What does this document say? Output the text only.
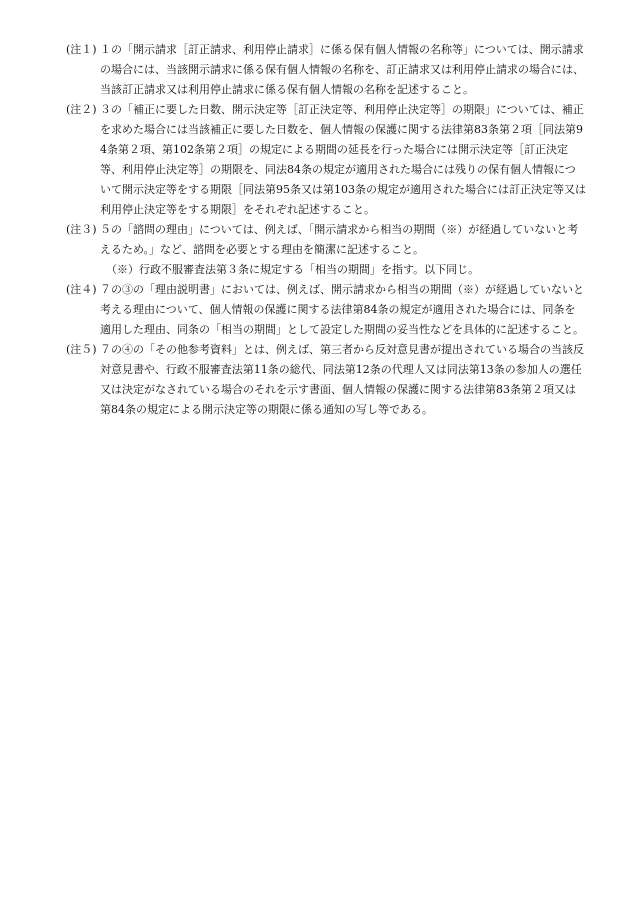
(注１) １の「開示請求［訂正請求、利用停止請求］に係る保有個人情報の名称等」については、開示請求の場合には、当該開示請求に係る保有個人情報の名称を、訂正請求又は利用停止請求の場合には、当該訂正請求又は利用停止請求に係る保有個人情報の名称を記述すること。
(注２) ３の「補正に要した日数、開示決定等［訂正決定等、利用停止決定等］の期限」については、補正を求めた場合には当該補正に要した日数を、個人情報の保護に関する法律第83条第２項［同法第94条第２項、第102条第２項］の規定による期間の延長を行った場合には開示決定等［訂正決定等、利用停止決定等］の期限を、同法84条の規定が適用された場合には残りの保有個人情報について開示決定等をする期限［同法第95条又は第103条の規定が適用された場合には訂正決定等又は利用停止決定等をする期限］をそれぞれ記述すること。
(注３) ５の「諮問の理由」については、例えば、「開示請求から相当の期間（※）が経過していないと考えるため。」など、諮問を必要とする理由を簡潔に記述すること。
（※）行政不服審査法第３条に規定する「相当の期間」を指す。以下同じ。
(注４) ７の③の「理由説明書」においては、例えば、開示請求から相当の期間（※）が経過していないと考える理由について、個人情報の保護に関する法律第84条の規定が適用された場合には、同条を適用した理由、同条の「相当の期間」として設定した期間の妥当性などを具体的に記述すること。
(注５) ７の④の「その他参考資料」とは、例えば、第三者から反対意見書が提出されている場合の当該反対意見書や、行政不服審査法第11条の総代、同法第12条の代理人又は同法第13条の参加人の選任又は決定がなされている場合のそれを示す書面、個人情報の保護に関する法律第83条第２項又は第84条の規定による開示決定等の期限に係る通知の写し等である。
